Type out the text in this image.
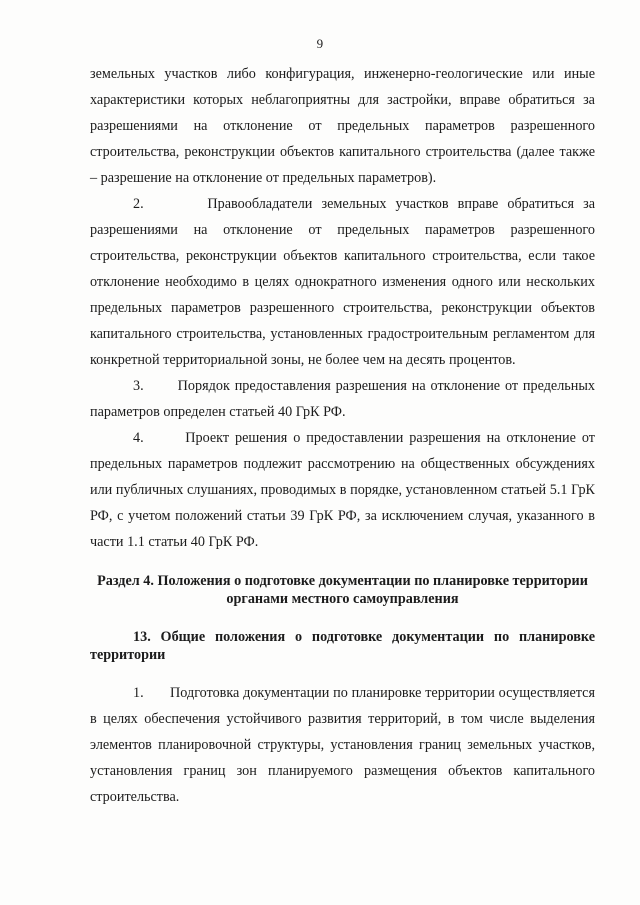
9

земельных участков либо конфигурация, инженерно-геологические или иные характеристики которых неблагоприятны для застройки, вправе обратиться за разрешениями на отклонение от предельных параметров разрешенного строительства, реконструкции объектов капитального строительства (далее также – разрешение на отклонение от предельных параметров).

2.       Правообладатели земельных участков вправе обратиться за разрешениями на отклонение от предельных параметров разрешенного строительства, реконструкции объектов капитального строительства, если такое отклонение необходимо в целях однократного изменения одного или нескольких предельных параметров разрешенного строительства, реконструкции объектов капитального строительства, установленных градостроительным регламентом для конкретной территориальной зоны, не более чем на десять процентов.

3.       Порядок предоставления разрешения на отклонение от предельных параметров определен статьей 40 ГрК РФ.

4.       Проект решения о предоставлении разрешения на отклонение от предельных параметров подлежит рассмотрению на общественных обсуждениях или публичных слушаниях, проводимых в порядке, установленном статьей 5.1 ГрК РФ, с учетом положений статьи 39 ГрК РФ, за исключением случая, указанного в части 1.1 статьи 40 ГрК РФ.

Раздел 4. Положения о подготовке документации по планировке территории органами местного самоуправления
13. Общие положения о подготовке документации по планировке территории

1.       Подготовка документации по планировке территории осуществляется в целях обеспечения устойчивого развития территорий, в том числе выделения элементов планировочной структуры, установления границ земельных участков, установления границ зон планируемого размещения объектов капитального строительства.
